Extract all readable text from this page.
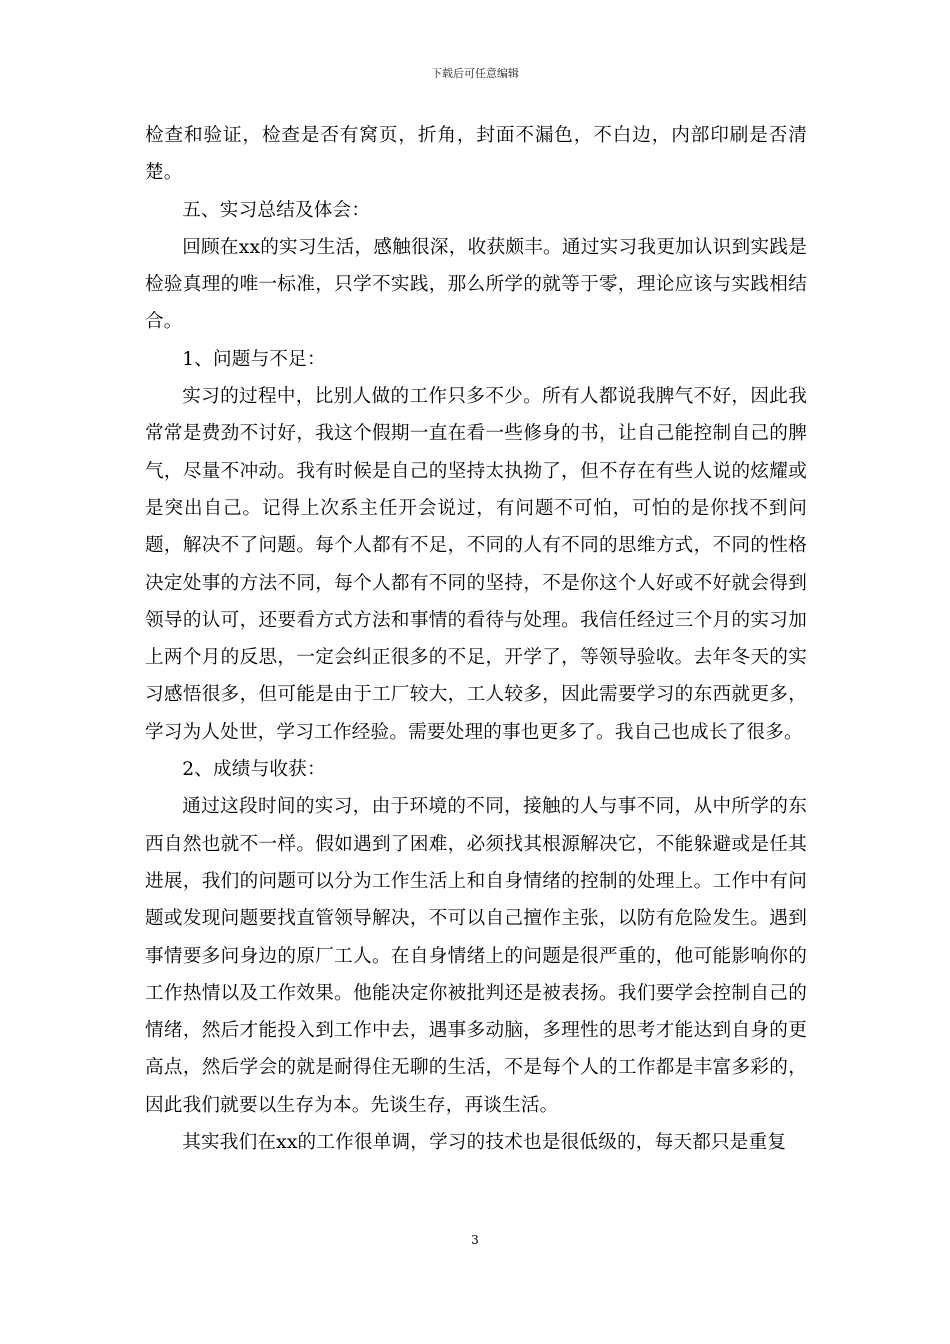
下载后可任意编辑

检查和验证，检查是否有窝页，折角，封面不漏色，不白边，内部印刷是否清楚。

五、实习总结及体会：

回顾在xx的实习生活，感触很深，收获颇丰。通过实习我更加认识到实践是检验真理的唯一标准，只学不实践，那么所学的就等于零，理论应该与实践相结合。

1、问题与不足：

实习的过程中，比别人做的工作只多不少。所有人都说我脾气不好，因此我常常是费劲不讨好，我这个假期一直在看一些修身的书，让自己能控制自己的脾气，尽量不冲动。我有时候是自己的坚持太执拗了，但不存在有些人说的炫耀或是突出自己。记得上次系主任开会说过，有问题不可怕，可怕的是你找不到问题，解决不了问题。每个人都有不足，不同的人有不同的思维方式，不同的性格决定处事的方法不同，每个人都有不同的坚持，不是你这个人好或不好就会得到领导的认可，还要看方式方法和事情的看待与处理。我信任经过三个月的实习加上两个月的反思，一定会纠正很多的不足，开学了，等领导验收。去年冬天的实习感悟很多，但可能是由于工厂较大，工人较多，因此需要学习的东西就更多，学习为人处世，学习工作经验。需要处理的事也更多了。我自己也成长了很多。

2、成绩与收获：

通过这段时间的实习，由于环境的不同，接触的人与事不同，从中所学的东西自然也就不一样。假如遇到了困难，必须找其根源解决它，不能躲避或是任其进展，我们的问题可以分为工作生活上和自身情绪的控制的处理上。工作中有问题或发现问题要找直管领导解决，不可以自己擅作主张，以防有危险发生。遇到事情要多问身边的原厂工人。在自身情绪上的问题是很严重的，他可能影响你的工作热情以及工作效果。他能决定你被批判还是被表扬。我们要学会控制自己的情绪，然后才能投入到工作中去，遇事多动脑，多理性的思考才能达到自身的更高点，然后学会的就是耐得住无聊的生活，不是每个人的工作都是丰富多彩的，因此我们就要以生存为本。先谈生存，再谈生活。

其实我们在xx的工作很单调，学习的技术也是很低级的，每天都只是重复

3
